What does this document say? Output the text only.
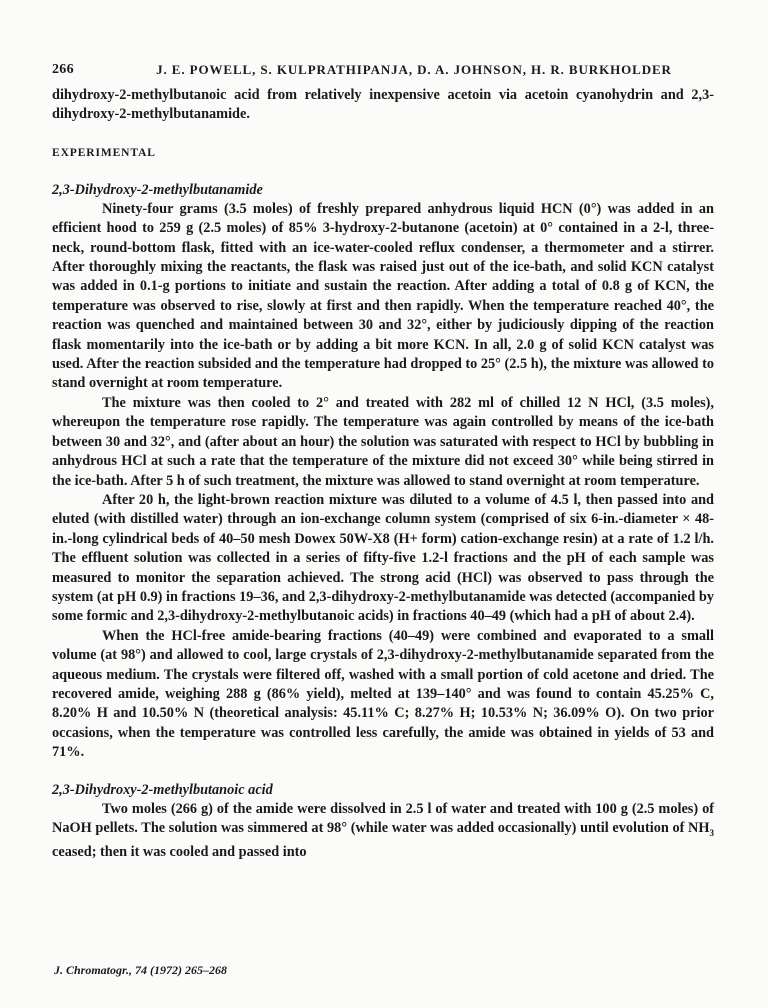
266	J. E. POWELL, S. KULPRATHIPANJA, D. A. JOHNSON, H. R. BURKHOLDER

dihydroxy-2-methylbutanoic acid from relatively inexpensive acetoin via acetoin cyanohydrin and 2,3-dihydroxy-2-methylbutanamide.

EXPERIMENTAL
2,3-Dihydroxy-2-methylbutanamide

Ninety-four grams (3.5 moles) of freshly prepared anhydrous liquid HCN (0°) was added in an efficient hood to 259 g (2.5 moles) of 85% 3-hydroxy-2-butanone (acetoin) at 0° contained in a 2-l, three-neck, round-bottom flask, fitted with an ice-water-cooled reflux condenser, a thermometer and a stirrer. After thoroughly mixing the reactants, the flask was raised just out of the ice-bath, and solid KCN catalyst was added in 0.1-g portions to initiate and sustain the reaction. After adding a total of 0.8 g of KCN, the temperature was observed to rise, slowly at first and then rapidly. When the temperature reached 40°, the reaction was quenched and maintained between 30 and 32°, either by judiciously dipping of the reaction flask momentarily into the ice-bath or by adding a bit more KCN. In all, 2.0 g of solid KCN catalyst was used. After the reaction subsided and the temperature had dropped to 25° (2.5 h), the mixture was allowed to stand overnight at room temperature.

The mixture was then cooled to 2° and treated with 282 ml of chilled 12 N HCl, (3.5 moles), whereupon the temperature rose rapidly. The temperature was again controlled by means of the ice-bath between 30 and 32°, and (after about an hour) the solution was saturated with respect to HCl by bubbling in anhydrous HCl at such a rate that the temperature of the mixture did not exceed 30° while being stirred in the ice-bath. After 5 h of such treatment, the mixture was allowed to stand overnight at room temperature.

After 20 h, the light-brown reaction mixture was diluted to a volume of 4.5 l, then passed into and eluted (with distilled water) through an ion-exchange column system (comprised of six 6-in.-diameter × 48-in.-long cylindrical beds of 40–50 mesh Dowex 50W-X8 (H+ form) cation-exchange resin) at a rate of 1.2 l/h. The effluent solution was collected in a series of fifty-five 1.2-l fractions and the pH of each sample was measured to monitor the separation achieved. The strong acid (HCl) was observed to pass through the system (at pH 0.9) in fractions 19–36, and 2,3-dihydroxy-2-methylbutanamide was detected (accompanied by some formic and 2,3-dihydroxy-2-methylbutanoic acids) in fractions 40–49 (which had a pH of about 2.4).

When the HCl-free amide-bearing fractions (40–49) were combined and evaporated to a small volume (at 98°) and allowed to cool, large crystals of 2,3-dihydroxy-2-methylbutanamide separated from the aqueous medium. The crystals were filtered off, washed with a small portion of cold acetone and dried. The recovered amide, weighing 288 g (86% yield), melted at 139–140° and was found to contain 45.25% C, 8.20% H and 10.50% N (theoretical analysis: 45.11% C; 8.27% H; 10.53% N; 36.09% O). On two prior occasions, when the temperature was controlled less carefully, the amide was obtained in yields of 53 and 71%.

2,3-Dihydroxy-2-methylbutanoic acid

Two moles (266 g) of the amide were dissolved in 2.5 l of water and treated with 100 g (2.5 moles) of NaOH pellets. The solution was simmered at 98° (while water was added occasionally) until evolution of $NH_3$ ceased; then it was cooled and passed into

J. Chromatogr., 74 (1972) 265–268
